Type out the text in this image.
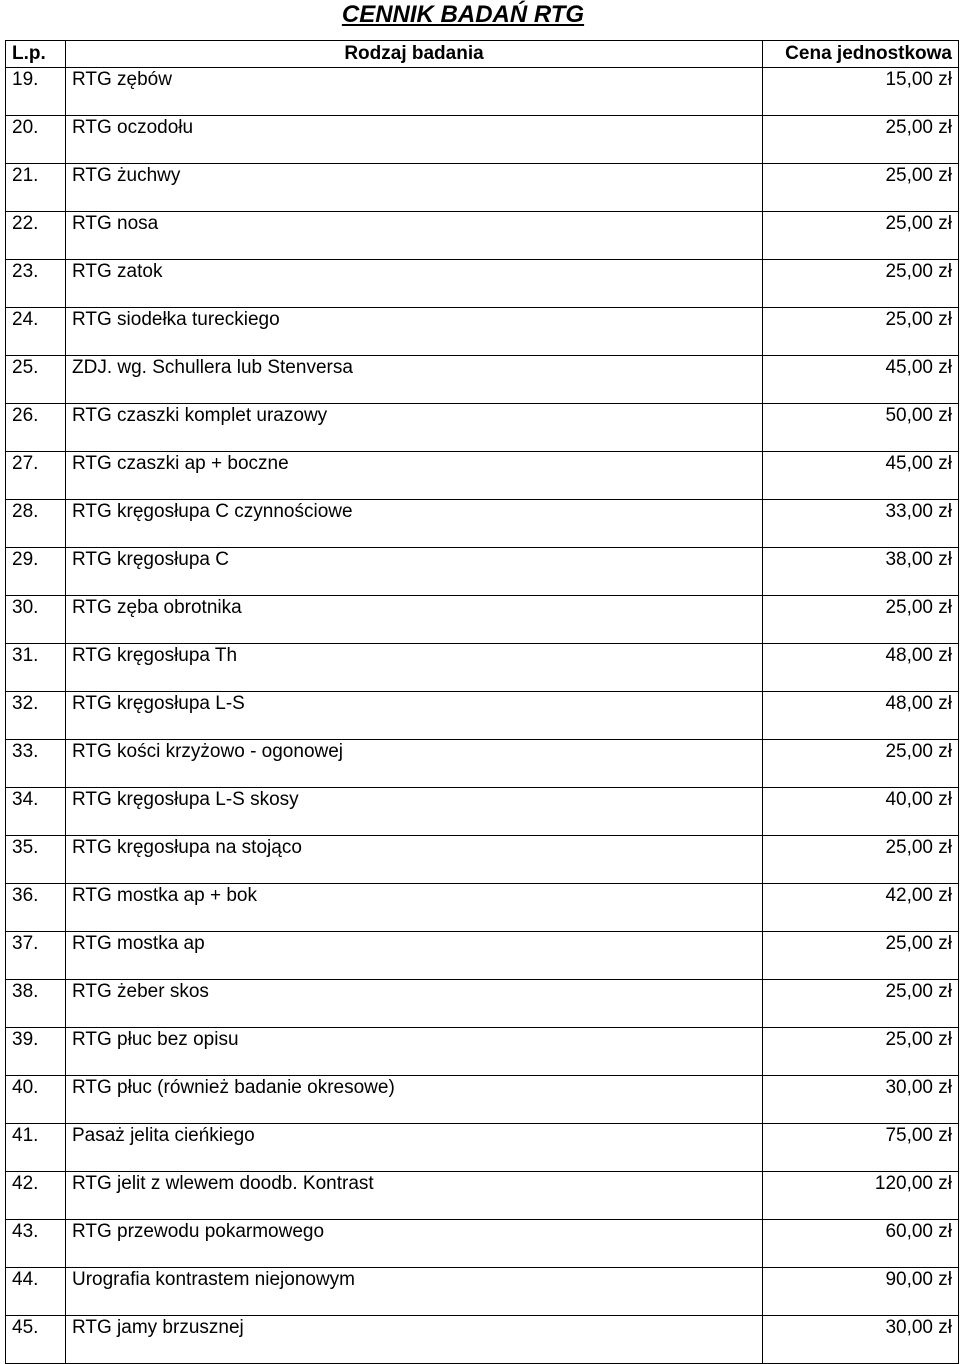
CENNIK BADAŃ RTG
L.p.	Rodzaj badania	Cena jednostkowa
19.	RTG zębów	15,00 zł
20.	RTG oczodołu	25,00 zł
21.	RTG żuchwy	25,00 zł
22.	RTG nosa	25,00 zł
23.	RTG zatok	25,00 zł
24.	RTG siodełka tureckiego	25,00 zł
25.	ZDJ. wg. Schullera lub Stenversa	45,00 zł
26.	RTG czaszki komplet urazowy	50,00 zł
27.	RTG czaszki ap + boczne	45,00 zł
28.	RTG kręgosłupa C czynnościowe	33,00 zł
29.	RTG kręgosłupa C	38,00 zł
30.	RTG zęba obrotnika	25,00 zł
31.	RTG kręgosłupa Th	48,00 zł
32.	RTG kręgosłupa L-S	48,00 zł
33.	RTG kości krzyżowo - ogonowej	25,00 zł
34.	RTG kręgosłupa L-S skosy	40,00 zł
35.	RTG kręgosłupa na stojąco	25,00 zł
36.	RTG mostka ap + bok	42,00 zł
37.	RTG mostka ap	25,00 zł
38.	RTG żeber skos	25,00 zł
39.	RTG płuc bez opisu	25,00 zł
40.	RTG płuc (również badanie okresowe)	30,00 zł
41.	Pasaż jelita cieńkiego	75,00 zł
42.	RTG jelit z wlewem doodb. Kontrast	120,00 zł
43.	RTG przewodu pokarmowego	60,00 zł
44.	Urografia kontrastem niejonowym	90,00 zł
45.	RTG jamy brzusznej	30,00 zł
